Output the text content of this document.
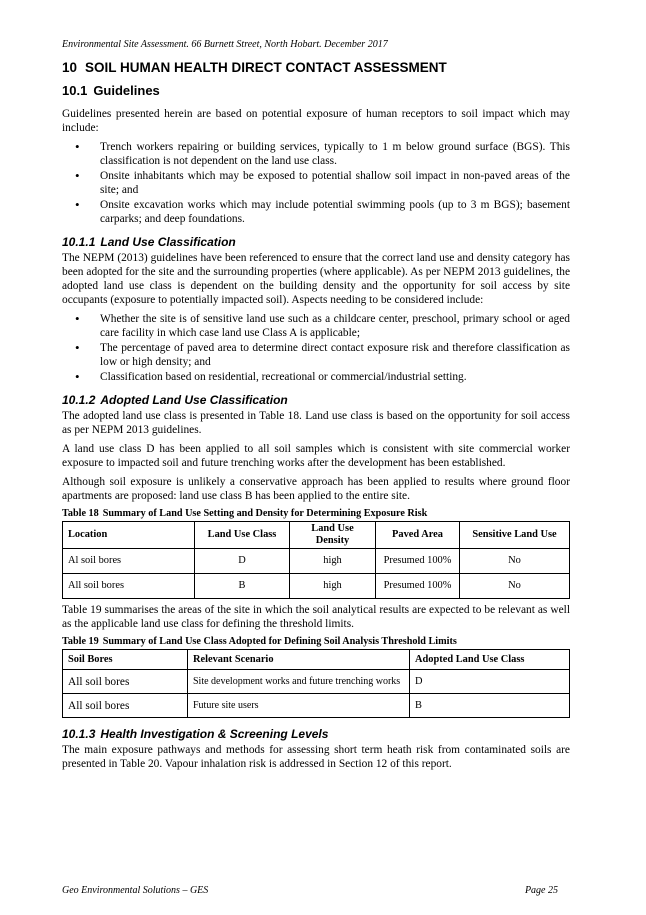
Environmental Site Assessment. 66 Burnett Street, North Hobart. December 2017
10 SOIL HUMAN HEALTH DIRECT CONTACT ASSESSMENT
10.1 Guidelines

Guidelines presented herein are based on potential exposure of human receptors to soil impact which may include:

• Trench workers repairing or building services, typically to 1 m below ground surface (BGS). This classification is not dependent on the land use class.
• Onsite inhabitants which may be exposed to potential shallow soil impact in non-paved areas of the site; and
• Onsite excavation works which may include potential swimming pools (up to 3 m BGS); basement carparks; and deep foundations.
10.1.1 Land Use Classification

The NEPM (2013) guidelines have been referenced to ensure that the correct land use and density category has been adopted for the site and the surrounding properties (where applicable). As per NEPM 2013 guidelines, the adopted land use class is dependent on the building density and the opportunity for soil access by site occupants (exposure to potentially impacted soil). Aspects needing to be considered include:

• Whether the site is of sensitive land use such as a childcare center, preschool, primary school or aged care facility in which case land use Class A is applicable;
• The percentage of paved area to determine direct contact exposure risk and therefore classification as low or high density; and
• Classification based on residential, recreational or commercial/industrial setting.
10.1.2 Adopted Land Use Classification

The adopted land use class is presented in Table 18. Land use class is based on the opportunity for soil access as per NEPM 2013 guidelines.

A land use class D has been applied to all soil samples which is consistent with site commercial worker exposure to impacted soil and future trenching works after the development has been established.

Although soil exposure is unlikely a conservative approach has been applied to results where ground floor apartments are proposed: land use class B has been applied to the entire site.

Table 18 Summary of Land Use Setting and Density for Determining Exposure Risk
Location	Land Use Class	Land Use Density	Paved Area	Sensitive Land Use
Al soil bores	D	high	Presumed 100%	No
All soil bores	B	high	Presumed 100%	No

Table 19 summarises the areas of the site in which the soil analytical results are expected to be relevant as well as the applicable land use class for defining the threshold limits.

Table 19 Summary of Land Use Class Adopted for Defining Soil Analysis Threshold Limits
Soil Bores	Relevant Scenario	Adopted Land Use Class
All soil bores	Site development works and future trenching works	D
All soil bores	Future site users	B
10.1.3 Health Investigation & Screening Levels

The main exposure pathways and methods for assessing short term heath risk from contaminated soils are presented in Table 20. Vapour inhalation risk is addressed in Section 12 of this report.

Geo Environmental Solutions – GES	Page 25
